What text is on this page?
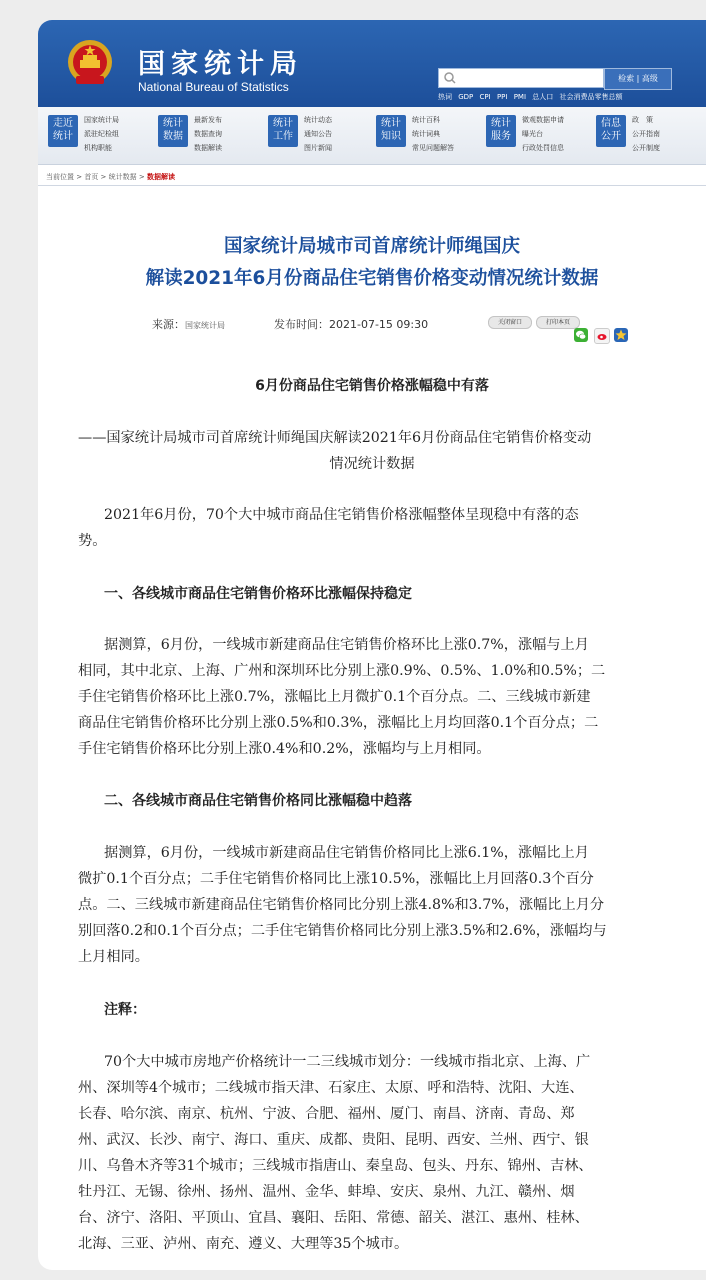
国家统计局
National Bureau of Statistics
检索 | 高级
热词 GDP CPI PPI PMI 总人口 社会消费品零售总额
走近
统计
国家统计局
派驻纪检组
机构职能
统计
数据
最新发布
数据查询
数据解读
统计
工作
统计动态
通知公告
图片新闻
统计
知识
统计百科
统计词典
常见问题解答
统计
服务
微观数据申请
曝光台
行政处罚信息
信息
公开
政　策
公开指南
公开制度
当前位置 > 首页 > 统计数据 > 数据解读
国家统计局城市司首席统计师绳国庆
解读2021年6月份商品住宅销售价格变动情况统计数据
来源：国家统计局	发布时间：2021-07-15 09:30	关闭窗口	打印本页
6月份商品住宅销售价格涨幅稳中有落
——国家统计局城市司首席统计师绳国庆解读2021年6月份商品住宅销售价格变动
情况统计数据
2021年6月份，70个大中城市商品住宅销售价格涨幅整体呈现稳中有落的态
势。
一、各线城市商品住宅销售价格环比涨幅保持稳定
据测算，6月份，一线城市新建商品住宅销售价格环比上涨0.7%，涨幅与上月
相同，其中北京、上海、广州和深圳环比分别上涨0.9%、0.5%、1.0%和0.5%；二
手住宅销售价格环比上涨0.7%，涨幅比上月微扩0.1个百分点。二、三线城市新建
商品住宅销售价格环比分别上涨0.5%和0.3%，涨幅比上月均回落0.1个百分点；二
手住宅销售价格环比分别上涨0.4%和0.2%，涨幅均与上月相同。
二、各线城市商品住宅销售价格同比涨幅稳中趋落
据测算，6月份，一线城市新建商品住宅销售价格同比上涨6.1%，涨幅比上月
微扩0.1个百分点；二手住宅销售价格同比上涨10.5%，涨幅比上月回落0.3个百分
点。二、三线城市新建商品住宅销售价格同比分别上涨4.8%和3.7%，涨幅比上月分
别回落0.2和0.1个百分点；二手住宅销售价格同比分别上涨3.5%和2.6%，涨幅均与
上月相同。
注释：
70个大中城市房地产价格统计一二三线城市划分：一线城市指北京、上海、广
州、深圳等4个城市；二线城市指天津、石家庄、太原、呼和浩特、沈阳、大连、
长春、哈尔滨、南京、杭州、宁波、合肥、福州、厦门、南昌、济南、青岛、郑
州、武汉、长沙、南宁、海口、重庆、成都、贵阳、昆明、西安、兰州、西宁、银
川、乌鲁木齐等31个城市；三线城市指唐山、秦皇岛、包头、丹东、锦州、吉林、
牡丹江、无锡、徐州、扬州、温州、金华、蚌埠、安庆、泉州、九江、赣州、烟
台、济宁、洛阳、平顶山、宜昌、襄阳、岳阳、常德、韶关、湛江、惠州、桂林、
北海、三亚、泸州、南充、遵义、大理等35个城市。
